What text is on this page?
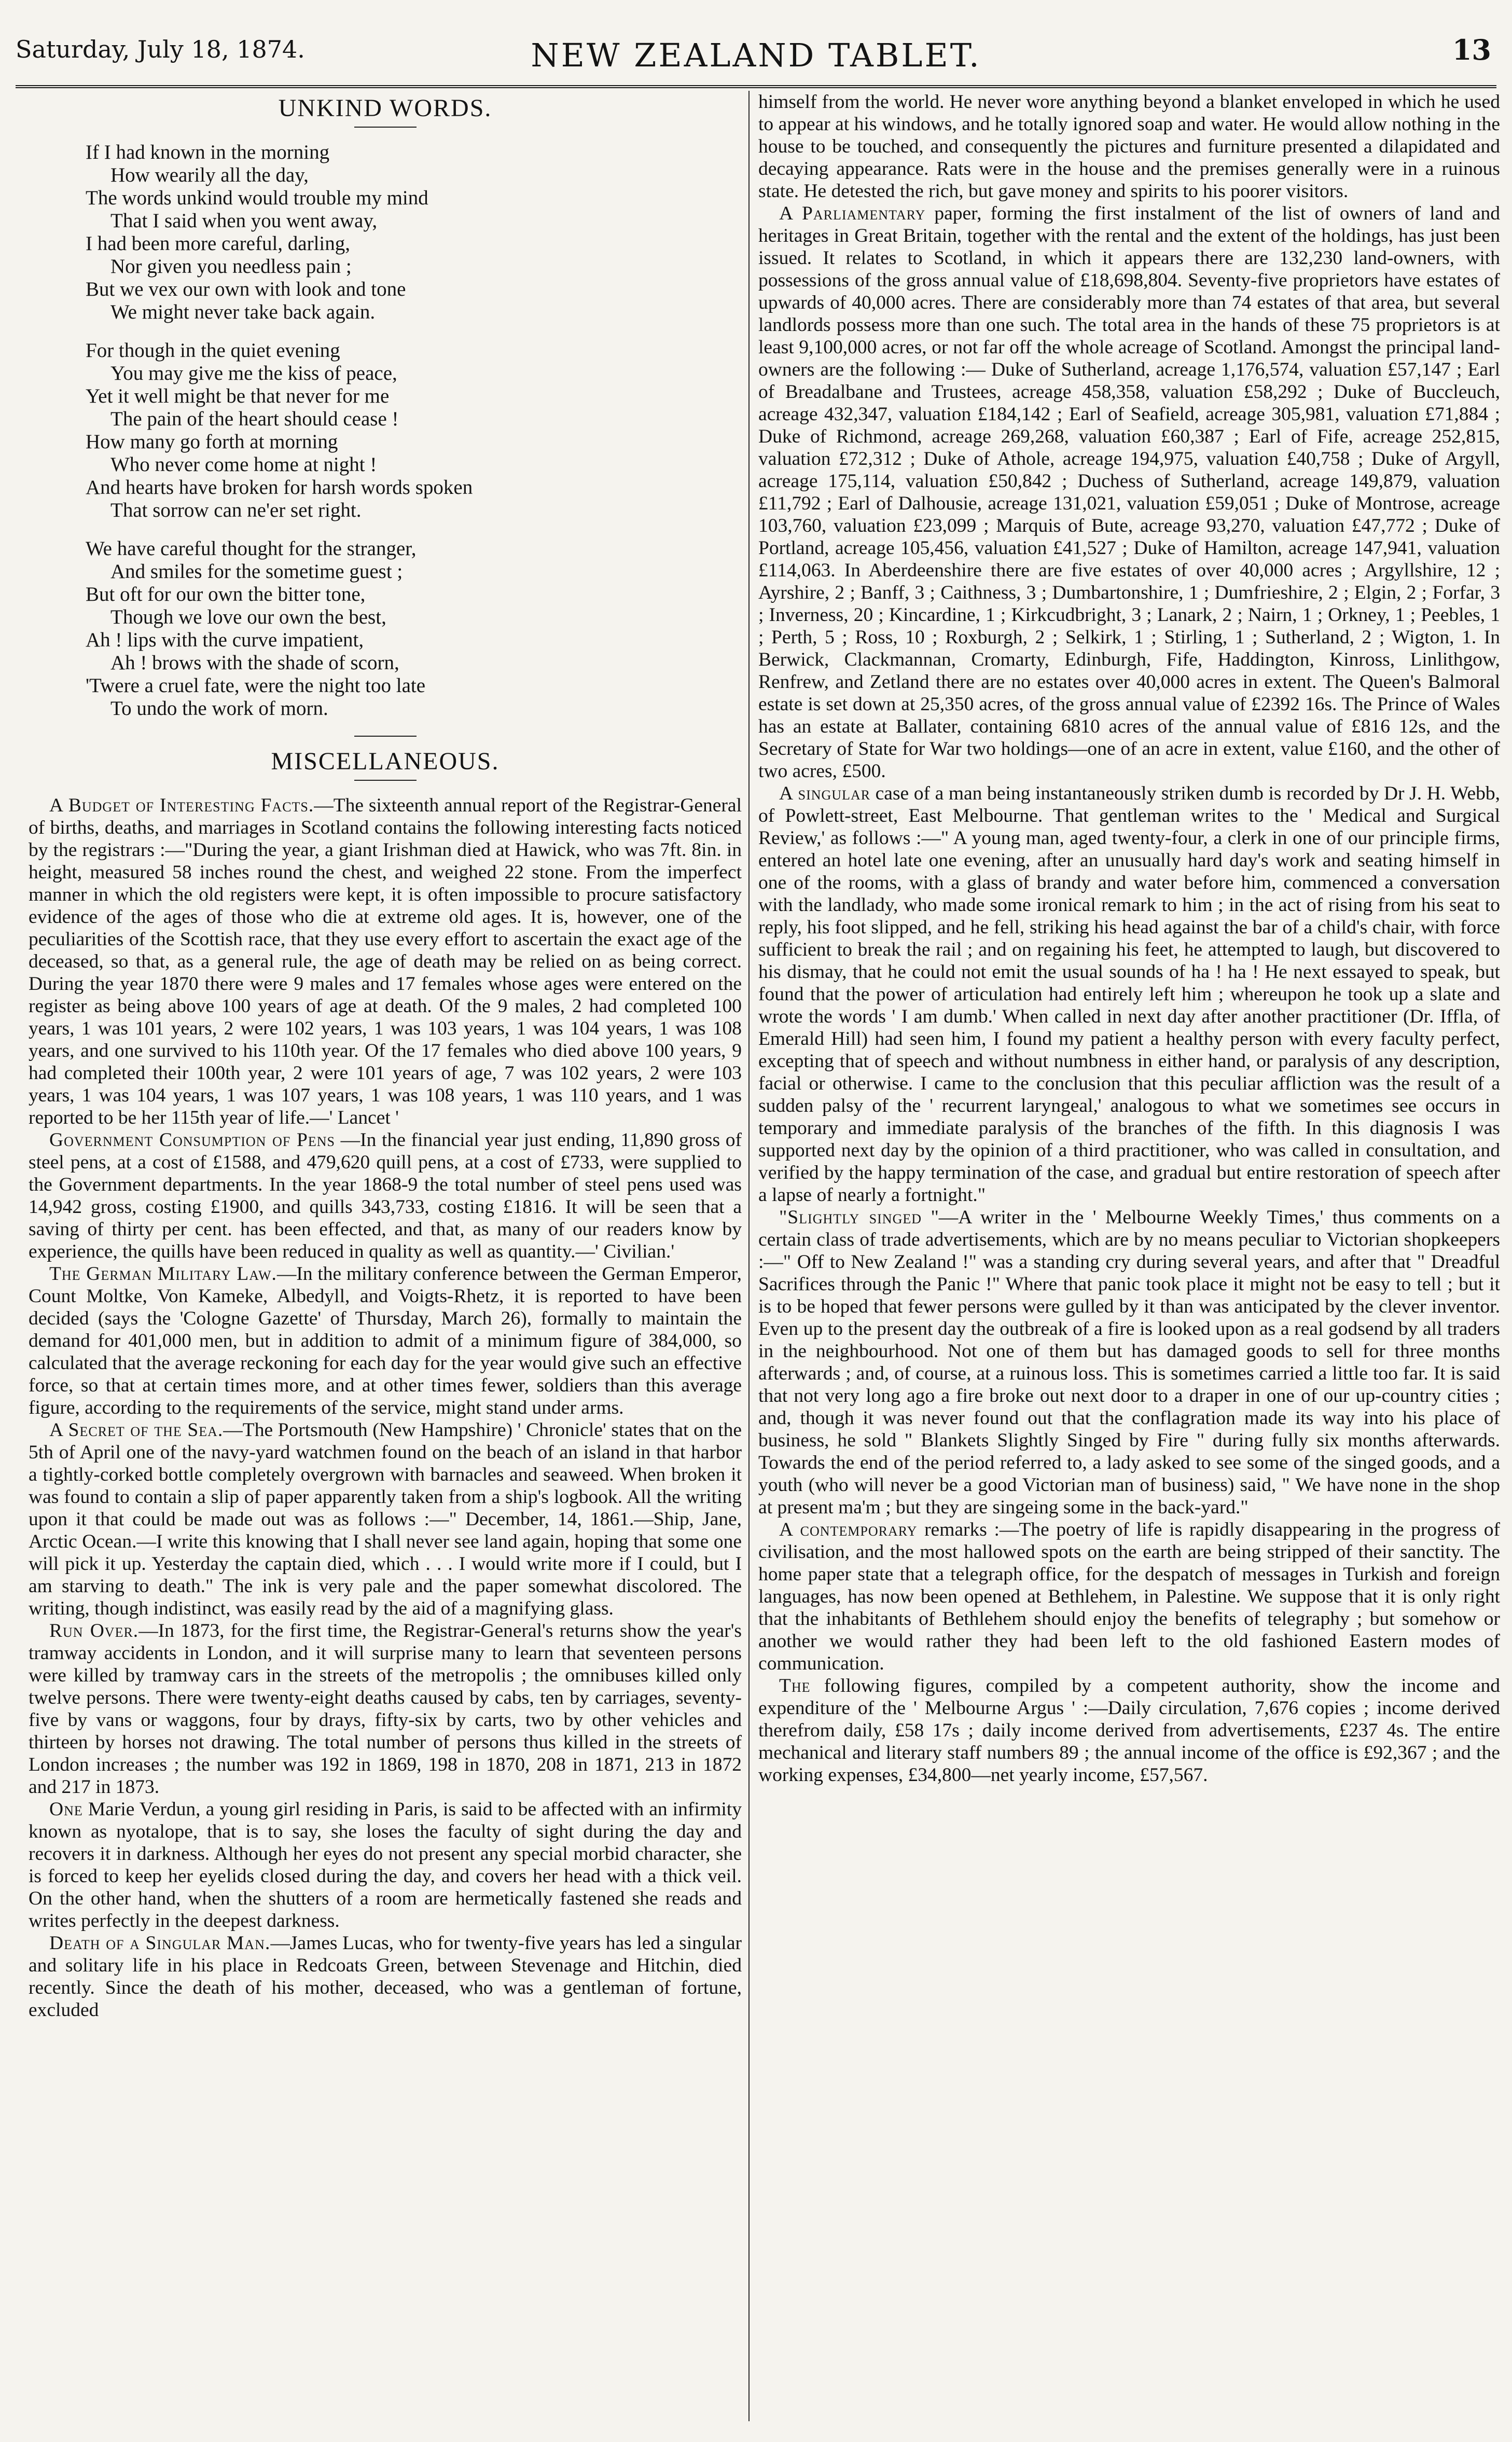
Saturday, July 18, 1874.	NEW ZEALAND TABLET.	13
UNKIND WORDS.
If I had known in the morning
How wearily all the day,
The words unkind would trouble my mind
That I said when you went away,
I had been more careful, darling,
Nor given you needless pain ;
But we vex our own with look and tone
We might never take back again.
For though in the quiet evening
You may give me the kiss of peace,
Yet it well might be that never for me
The pain of the heart should cease !
How many go forth at morning
Who never come home at night !
And hearts have broken for harsh words spoken
That sorrow can ne'er set right.
We have careful thought for the stranger,
And smiles for the sometime guest ;
But oft for our own the bitter tone,
Though we love our own the best,
Ah ! lips with the curve impatient,
Ah ! brows with the shade of scorn,
'Twere a cruel fate, were the night too late
To undo the work of morn.
MISCELLANEOUS.

A Budget of Interesting Facts.—The sixteenth annual report of the Registrar-General of births, deaths, and marriages in Scotland contains the following interesting facts noticed by the registrars :—"During the year, a giant Irishman died at Hawick, who was 7ft. 8in. in height, measured 58 inches round the chest, and weighed 22 stone. From the imperfect manner in which the old registers were kept, it is often impossible to procure satisfactory evidence of the ages of those who die at extreme old ages. It is, however, one of the peculiarities of the Scottish race, that they use every effort to ascertain the exact age of the deceased, so that, as a general rule, the age of death may be relied on as being correct. During the year 1870 there were 9 males and 17 females whose ages were entered on the register as being above 100 years of age at death. Of the 9 males, 2 had completed 100 years, 1 was 101 years, 2 were 102 years, 1 was 103 years, 1 was 104 years, 1 was 108 years, and one survived to his 110th year. Of the 17 females who died above 100 years, 9 had completed their 100th year, 2 were 101 years of age, 7 was 102 years, 2 were 103 years, 1 was 104 years, 1 was 107 years, 1 was 108 years, 1 was 110 years, and 1 was reported to be her 115th year of life.—' Lancet '

Government Consumption of Pens —In the financial year just ending, 11,890 gross of steel pens, at a cost of £1588, and 479,620 quill pens, at a cost of £733, were supplied to the Government departments. In the year 1868-9 the total number of steel pens used was 14,942 gross, costing £1900, and quills 343,733, costing £1816. It will be seen that a saving of thirty per cent. has been effected, and that, as many of our readers know by experience, the quills have been reduced in quality as well as quantity.—' Civilian.'

The German Military Law.—In the military conference between the German Emperor, Count Moltke, Von Kameke, Albedyll, and Voigts-Rhetz, it is reported to have been decided (says the 'Cologne Gazette' of Thursday, March 26), formally to maintain the demand for 401,000 men, but in addition to admit of a minimum figure of 384,000, so calculated that the average reckoning for each day for the year would give such an effective force, so that at certain times more, and at other times fewer, soldiers than this average figure, according to the requirements of the service, might stand under arms.

A Secret of the Sea.—The Portsmouth (New Hampshire) ' Chronicle' states that on the 5th of April one of the navy-yard watchmen found on the beach of an island in that harbor a tightly-corked bottle completely overgrown with barnacles and seaweed. When broken it was found to contain a slip of paper apparently taken from a ship's logbook. All the writing upon it that could be made out was as follows :—" December, 14, 1861.—Ship, Jane, Arctic Ocean.—I write this knowing that I shall never see land again, hoping that some one will pick it up. Yesterday the captain died, which . . . I would write more if I could, but I am starving to death." The ink is very pale and the paper somewhat discolored. The writing, though indistinct, was easily read by the aid of a magnifying glass.

Run Over.—In 1873, for the first time, the Registrar-General's returns show the year's tramway accidents in London, and it will surprise many to learn that seventeen persons were killed by tramway cars in the streets of the metropolis ; the omnibuses killed only twelve persons. There were twenty-eight deaths caused by cabs, ten by carriages, seventy-five by vans or waggons, four by drays, fifty-six by carts, two by other vehicles and thirteen by horses not drawing. The total number of persons thus killed in the streets of London increases ; the number was 192 in 1869, 198 in 1870, 208 in 1871, 213 in 1872 and 217 in 1873.

One Marie Verdun, a young girl residing in Paris, is said to be affected with an infirmity known as nyotalope, that is to say, she loses the faculty of sight during the day and recovers it in darkness. Although her eyes do not present any special morbid character, she is forced to keep her eyelids closed during the day, and covers her head with a thick veil. On the other hand, when the shutters of a room are hermetically fastened she reads and writes perfectly in the deepest darkness.

Death of a Singular Man.—James Lucas, who for twenty-five years has led a singular and solitary life in his place in Redcoats Green, between Stevenage and Hitchin, died recently. Since the death of his mother, deceased, who was a gentleman of fortune, excluded

himself from the world. He never wore anything beyond a blanket enveloped in which he used to appear at his windows, and he totally ignored soap and water. He would allow nothing in the house to be touched, and consequently the pictures and furniture presented a dilapidated and decaying appearance. Rats were in the house and the premises generally were in a ruinous state. He detested the rich, but gave money and spirits to his poorer visitors.

A Parliamentary paper, forming the first instalment of the list of owners of land and heritages in Great Britain, together with the rental and the extent of the holdings, has just been issued. It relates to Scotland, in which it appears there are 132,230 land-owners, with possessions of the gross annual value of £18,698,804. Seventy-five proprietors have estates of upwards of 40,000 acres. There are considerably more than 74 estates of that area, but several landlords possess more than one such. The total area in the hands of these 75 proprietors is at least 9,100,000 acres, or not far off the whole acreage of Scotland. Amongst the principal land-owners are the following :— Duke of Sutherland, acreage 1,176,574, valuation £57,147 ; Earl of Breadalbane and Trustees, acreage 458,358, valuation £58,292 ; Duke of Buccleuch, acreage 432,347, valuation £184,142 ; Earl of Seafield, acreage 305,981, valuation £71,884 ; Duke of Richmond, acreage 269,268, valuation £60,387 ; Earl of Fife, acreage 252,815, valuation £72,312 ; Duke of Athole, acreage 194,975, valuation £40,758 ; Duke of Argyll, acreage 175,114, valuation £50,842 ; Duchess of Sutherland, acreage 149,879, valuation £11,792 ; Earl of Dalhousie, acreage 131,021, valuation £59,051 ; Duke of Montrose, acreage 103,760, valuation £23,099 ; Marquis of Bute, acreage 93,270, valuation £47,772 ; Duke of Portland, acreage 105,456, valuation £41,527 ; Duke of Hamilton, acreage 147,941, valuation £114,063. In Aberdeenshire there are five estates of over 40,000 acres ; Argyllshire, 12 ; Ayrshire, 2 ; Banff, 3 ; Caithness, 3 ; Dumbartonshire, 1 ; Dumfrieshire, 2 ; Elgin, 2 ; Forfar, 3 ; Inverness, 20 ; Kincardine, 1 ; Kirkcudbright, 3 ; Lanark, 2 ; Nairn, 1 ; Orkney, 1 ; Peebles, 1 ; Perth, 5 ; Ross, 10 ; Roxburgh, 2 ; Selkirk, 1 ; Stirling, 1 ; Sutherland, 2 ; Wigton, 1. In Berwick, Clackmannan, Cromarty, Edinburgh, Fife, Haddington, Kinross, Linlithgow, Renfrew, and Zetland there are no estates over 40,000 acres in extent. The Queen's Balmoral estate is set down at 25,350 acres, of the gross annual value of £2392 16s. The Prince of Wales has an estate at Ballater, containing 6810 acres of the annual value of £816 12s, and the Secretary of State for War two holdings—one of an acre in extent, value £160, and the other of two acres, £500.

A singular case of a man being instantaneously striken dumb is recorded by Dr J. H. Webb, of Powlett-street, East Melbourne. That gentleman writes to the ' Medical and Surgical Review,' as follows :—" A young man, aged twenty-four, a clerk in one of our principle firms, entered an hotel late one evening, after an unusually hard day's work and seating himself in one of the rooms, with a glass of brandy and water before him, commenced a conversation with the landlady, who made some ironical remark to him ; in the act of rising from his seat to reply, his foot slipped, and he fell, striking his head against the bar of a child's chair, with force sufficient to break the rail ; and on regaining his feet, he attempted to laugh, but discovered to his dismay, that he could not emit the usual sounds of ha ! ha ! He next essayed to speak, but found that the power of articulation had entirely left him ; whereupon he took up a slate and wrote the words ' I am dumb.' When called in next day after another practitioner (Dr. Iffla, of Emerald Hill) had seen him, I found my patient a healthy person with every faculty perfect, excepting that of speech and without numbness in either hand, or paralysis of any description, facial or otherwise. I came to the conclusion that this peculiar affliction was the result of a sudden palsy of the ' recurrent laryngeal,' analogous to what we sometimes see occurs in temporary and immediate paralysis of the branches of the fifth. In this diagnosis I was supported next day by the opinion of a third practitioner, who was called in consultation, and verified by the happy termination of the case, and gradual but entire restoration of speech after a lapse of nearly a fortnight."

"Slightly singed "—A writer in the ' Melbourne Weekly Times,' thus comments on a certain class of trade advertisements, which are by no means peculiar to Victorian shopkeepers :—" Off to New Zealand !" was a standing cry during several years, and after that " Dreadful Sacrifices through the Panic !" Where that panic took place it might not be easy to tell ; but it is to be hoped that fewer persons were gulled by it than was anticipated by the clever inventor. Even up to the present day the outbreak of a fire is looked upon as a real godsend by all traders in the neighbourhood. Not one of them but has damaged goods to sell for three months afterwards ; and, of course, at a ruinous loss. This is sometimes carried a little too far. It is said that not very long ago a fire broke out next door to a draper in one of our up-country cities ; and, though it was never found out that the conflagration made its way into his place of business, he sold " Blankets Slightly Singed by Fire " during fully six months afterwards. Towards the end of the period referred to, a lady asked to see some of the singed goods, and a youth (who will never be a good Victorian man of business) said, " We have none in the shop at present ma'm ; but they are singeing some in the back-yard."

A contemporary remarks :—The poetry of life is rapidly disappearing in the progress of civilisation, and the most hallowed spots on the earth are being stripped of their sanctity. The home paper state that a telegraph office, for the despatch of messages in Turkish and foreign languages, has now been opened at Bethlehem, in Palestine. We suppose that it is only right that the inhabitants of Bethlehem should enjoy the benefits of telegraphy ; but somehow or another we would rather they had been left to the old fashioned Eastern modes of communication.

The following figures, compiled by a competent authority, show the income and expenditure of the ' Melbourne Argus ' :—Daily circulation, 7,676 copies ; income derived therefrom daily, £58 17s ; daily income derived from advertisements, £237 4s. The entire mechanical and literary staff numbers 89 ; the annual income of the office is £92,367 ; and the working expenses, £34,800—net yearly income, £57,567.
